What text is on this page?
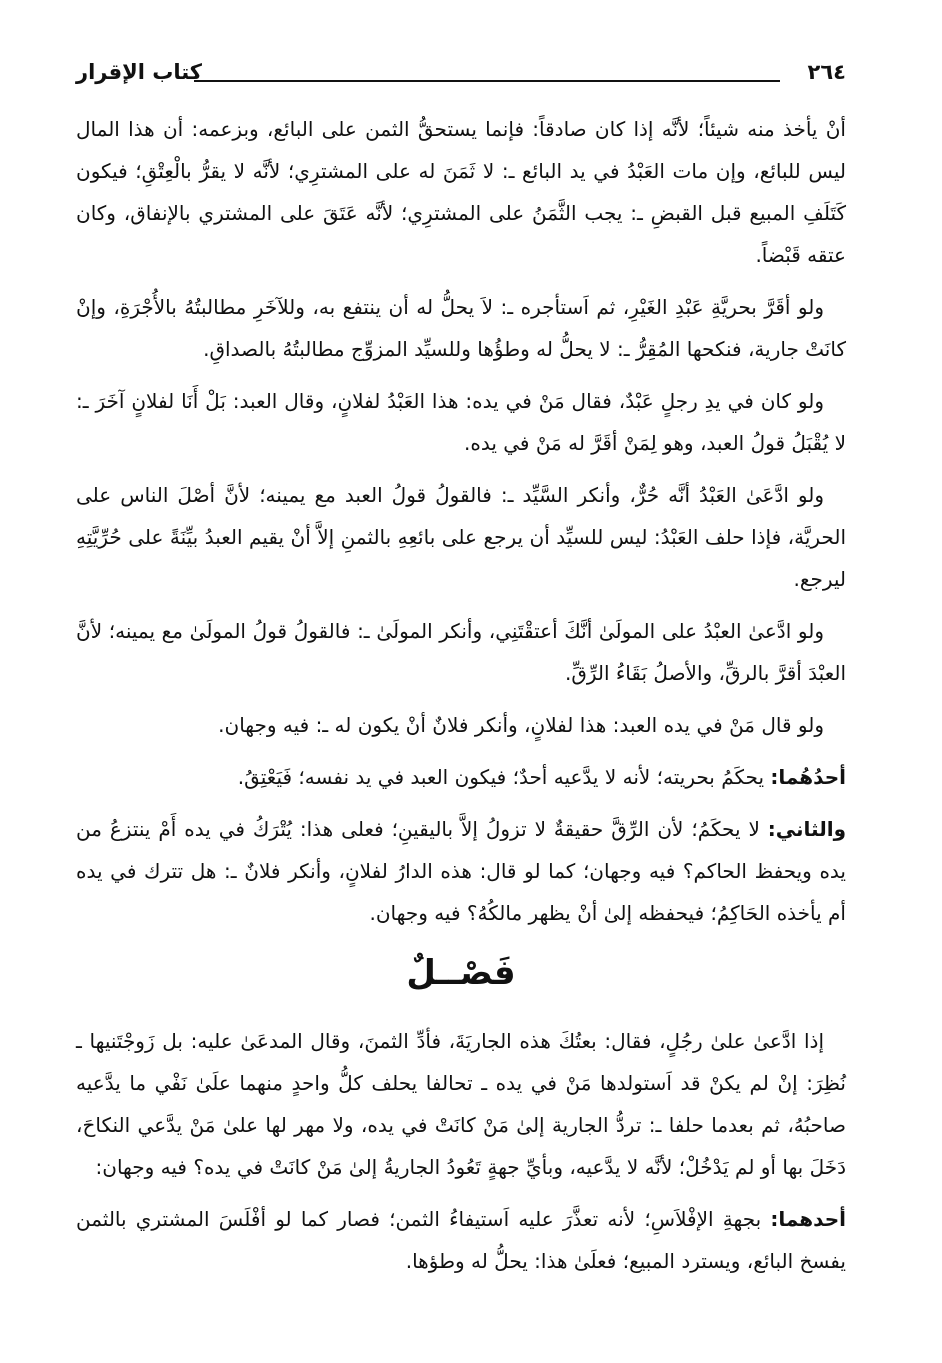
٢٦٤
كتاب الإقرار

أنْ يأخذ منه شيئاً؛ لأنَّه إذا كان صادقاً: فإنما يستحقُّ الثمن على البائع، وبزعمه: أن هذا المال ليس للبائع، وإن مات العَبْدُ في يد البائع ـ: لا ثَمَنَ له على المشترِي؛ لأنَّه لا يقرُّ بالْعِتْقِ؛ فيكون كَتَلَفِ المبيع قبل القبضِ ـ: يجب الثَّمَنُ على المشترِي؛ لأنَّه عَتَقَ على المشتري بالإنفاق، وكان عتقه قَبْضاً.

ولو أقَرَّ بحريَّةِ عَبْدِ الغَيْرِ، ثم اَستأجره ـ: لاَ يحلُّ له أن ينتفع به، وللآخَرِ مطالبتُهُ بالأُجْرَةِ، وإنْ كانَتْ جارية، فنكحها المُقِرُّ ـ: لا يحلُّ له وطؤُها وللسيِّد المزوِّج مطالبتُهُ بالصداقِ.

ولو كان في يدِ رجلٍ عَبْدٌ، فقال مَنْ في يده: هذا العَبْدُ لفلانٍ، وقال العبد: بَلْ أَنَا لفلانٍ آخَرَ ـ: لا يُقْبَلُ قولُ العبد، وهو لِمَنْ أقَرَّ له مَنْ في يده.

ولو ادَّعَىٰ العَبْدُ أنَّه حُرٌّ، وأنكر السَّيِّد ـ: فالقولُ قولُ العبد مع يمينه؛ لأنَّ أصْلَ الناس على الحريَّة، فإذا حلف العَبْدُ: ليس للسيِّد أن يرجع على بائعِهِ بالثمنِ إلاَّ أنْ يقيم العبدُ بيِّنَةً على حُرِّيَّتِهِ ليرجع.

ولو ادَّعىٰ العبْدُ على المولَىٰ أنَّكَ أعتقْتَنِي، وأنكر المولَىٰ ـ: فالقولُ قولُ المولَىٰ مع يمينه؛ لأنَّ العبْدَ أقرَّ بالرقِّ، والأصلُ بَقَاءُ الرِّقِّ.

ولو قال مَنْ في يده العبد: هذا لفلانٍ، وأنكر فلانٌ أنْ يكون له ـ: فيه وجهان.

أحدُهُما: يحكَمُ بحريته؛ لأنه لا يدَّعيه أحدٌ؛ فيكون العبد في يد نفسه؛ فَيَعْتِقُ.

والثاني: لا يحكَمُ؛ لأن الرِّقَّ حقيقةٌ لا تزولُ إلاَّ باليقينِ؛ فعلى هذا: يُتْرَكُ في يده أَمْ ينتزعُ من يده ويحفظ الحاكم؟ فيه وجهان؛ كما لو قال: هذه الدارُ لفلانٍ، وأنكر فلانٌ ـ: هل تترك في يده أم يأخذه الحَاكِمُ؛ فيحفظه إلىٰ أنْ يظهر مالكُهُ؟ فيه وجهان.

فَصْــلٌ

إذا ادَّعىٰ علىٰ رجُلٍ، فقال: بعتُكَ هذه الجاريَةَ، فأدِّ الثمنَ، وقال المدعَىٰ عليه: بل زَوجْتَنيها ـ نُظِرَ: إنْ لم يكنْ قد اَستولدها مَنْ في يده ـ تحالفا يحلف كلُّ واحدٍ منهما علَىٰ نَفْي ما يدَّعيه صاحبُهُ، ثم بعدما حلفا ـ: تردُّ الجارية إلىٰ مَنْ كانَتْ في يده، ولا مهر لها علىٰ مَنْ يدَّعي النكاحَ، دَخَلَ بها أو لم يَدْخُلْ؛ لأنَّه لا يدَّعيه، وبأيِّ جهةٍ تَعُودُ الجاريةُ إلىٰ مَنْ كانَتْ في يده؟ فيه وجهان:

أحدهما: بجهةِ الإفْلاَسِ؛ لأنه تعذَّرَ عليه اَستيفاءُ الثمن؛ فصار كما لو أفْلَسَ المشتري بالثمن يفسخ البائع، ويسترد المبيع؛ فعلَىٰ هذا: يحلُّ له وطؤها.
